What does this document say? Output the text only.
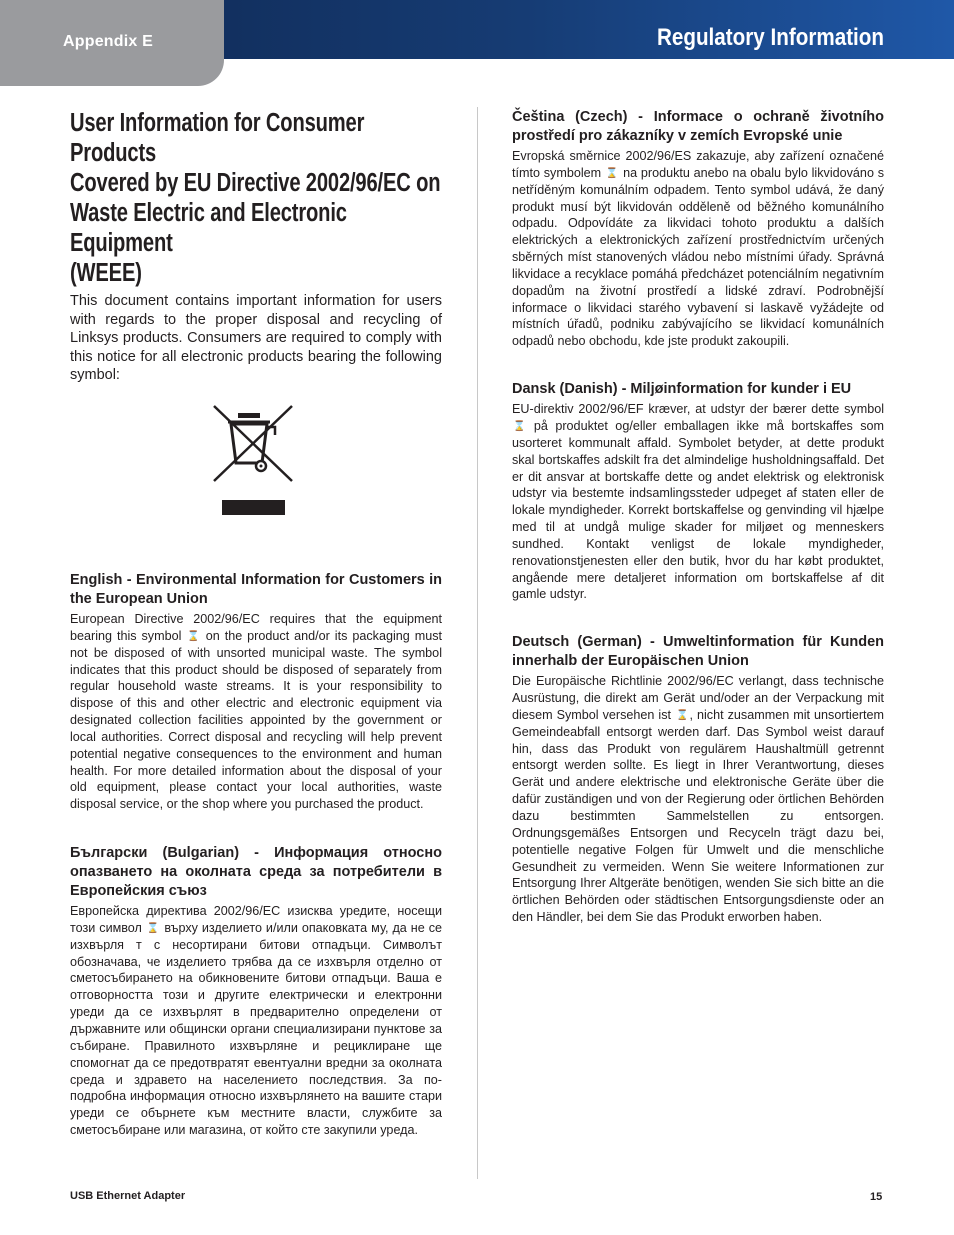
Regulatory Information
Appendix E
User Information for Consumer Products
Covered by EU Directive 2002/96/EC on
Waste Electric and Electronic Equipment
(WEEE)

This document contains important information for users with regards to the proper disposal and recycling of Linksys products. Consumers are required to comply with this notice for all electronic products bearing the following symbol:

English - Environmental Information for Customers in the European Union

European Directive 2002/96/EC requires that the equipment bearing this symbol ⌛ on the product and/or its packaging must not be disposed of with unsorted municipal waste. The symbol indicates that this product should be disposed of separately from regular household waste streams. It is your responsibility to dispose of this and other electric and electronic equipment via designated collection facilities appointed by the government or local authorities. Correct disposal and recycling will help prevent potential negative consequences to the environment and human health. For more detailed information about the disposal of your old equipment, please contact your local authorities, waste disposal service, or the shop where you purchased the product.

Български (Bulgarian) - Информация относно опазването на околната среда за потребители в Европейския съюз

Европейска директива 2002/96/EC изисква уредите, носещи този символ ⌛ върху изделието и/или опаковката му, да не се изхвърля т с несортирани битови отпадъци. Символът обозначава, че изделието трябва да се изхвърля отделно от сметосъбирането на обикновените битови отпадъци. Ваша е отговорността този и другите електрически и електронни уреди да се изхвърлят в предварително определени от държавните или общински органи специализирани пунктове за събиране. Правилното изхвърляне и рециклиране ще спомогнат да се предотвратят евентуални вредни за околната среда и здравето на населението последствия. За по-подробна информация относно изхвърлянето на вашите стари уреди се обърнете към местните власти, службите за сметосъбиране или магазина, от който сте закупили уреда.

Čeština (Czech) - Informace o ochraně životního prostředí pro zákazníky v zemích Evropské unie

Evropská směrnice 2002/96/ES zakazuje, aby zařízení označené tímto symbolem ⌛ na produktu anebo na obalu bylo likvidováno s netříděným komunálním odpadem. Tento symbol udává, že daný produkt musí být likvidován odděleně od běžného komunálního odpadu. Odpovídáte za likvidaci tohoto produktu a dalších elektrických a elektronických zařízení prostřednictvím určených sběrných míst stanovených vládou nebo místními úřady. Správná likvidace a recyklace pomáhá předcházet potenciálním negativním dopadům na životní prostředí a lidské zdraví. Podrobnější informace o likvidaci starého vybavení si laskavě vyžádejte od místních úřadů, podniku zabývajícího se likvidací komunálních odpadů nebo obchodu, kde jste produkt zakoupili.

Dansk (Danish) - Miljøinformation for kunder i EU

EU-direktiv 2002/96/EF kræver, at udstyr der bærer dette symbol ⌛ på produktet og/eller emballagen ikke må bortskaffes som usorteret kommunalt affald. Symbolet betyder, at dette produkt skal bortskaffes adskilt fra det almindelige husholdningsaffald. Det er dit ansvar at bortskaffe dette og andet elektrisk og elektronisk udstyr via bestemte indsamlingssteder udpeget af staten eller de lokale myndigheder. Korrekt bortskaffelse og genvinding vil hjælpe med til at undgå mulige skader for miljøet og menneskers sundhed. Kontakt venligst de lokale myndigheder, renovationstjenesten eller den butik, hvor du har købt produktet, angående mere detaljeret information om bortskaffelse af dit gamle udstyr.

Deutsch (German) - Umweltinformation für Kunden innerhalb der Europäischen Union

Die Europäische Richtlinie 2002/96/EC verlangt, dass technische Ausrüstung, die direkt am Gerät und/oder an der Verpackung mit diesem Symbol versehen ist ⌛, nicht zusammen mit unsortiertem Gemeindeabfall entsorgt werden darf. Das Symbol weist darauf hin, dass das Produkt von regulärem Haushaltmüll getrennt entsorgt werden sollte. Es liegt in Ihrer Verantwortung, dieses Gerät und andere elektrische und elektronische Geräte über die dafür zuständigen und von der Regierung oder örtlichen Behörden dazu bestimmten Sammelstellen zu entsorgen. Ordnungsgemäßes Entsorgen und Recyceln trägt dazu bei, potentielle negative Folgen für Umwelt und die menschliche Gesundheit zu vermeiden. Wenn Sie weitere Informationen zur Entsorgung Ihrer Altgeräte benötigen, wenden Sie sich bitte an die örtlichen Behörden oder städtischen Entsorgungsdienste oder an den Händler, bei dem Sie das Produkt erworben haben.

USB Ethernet Adapter	15
